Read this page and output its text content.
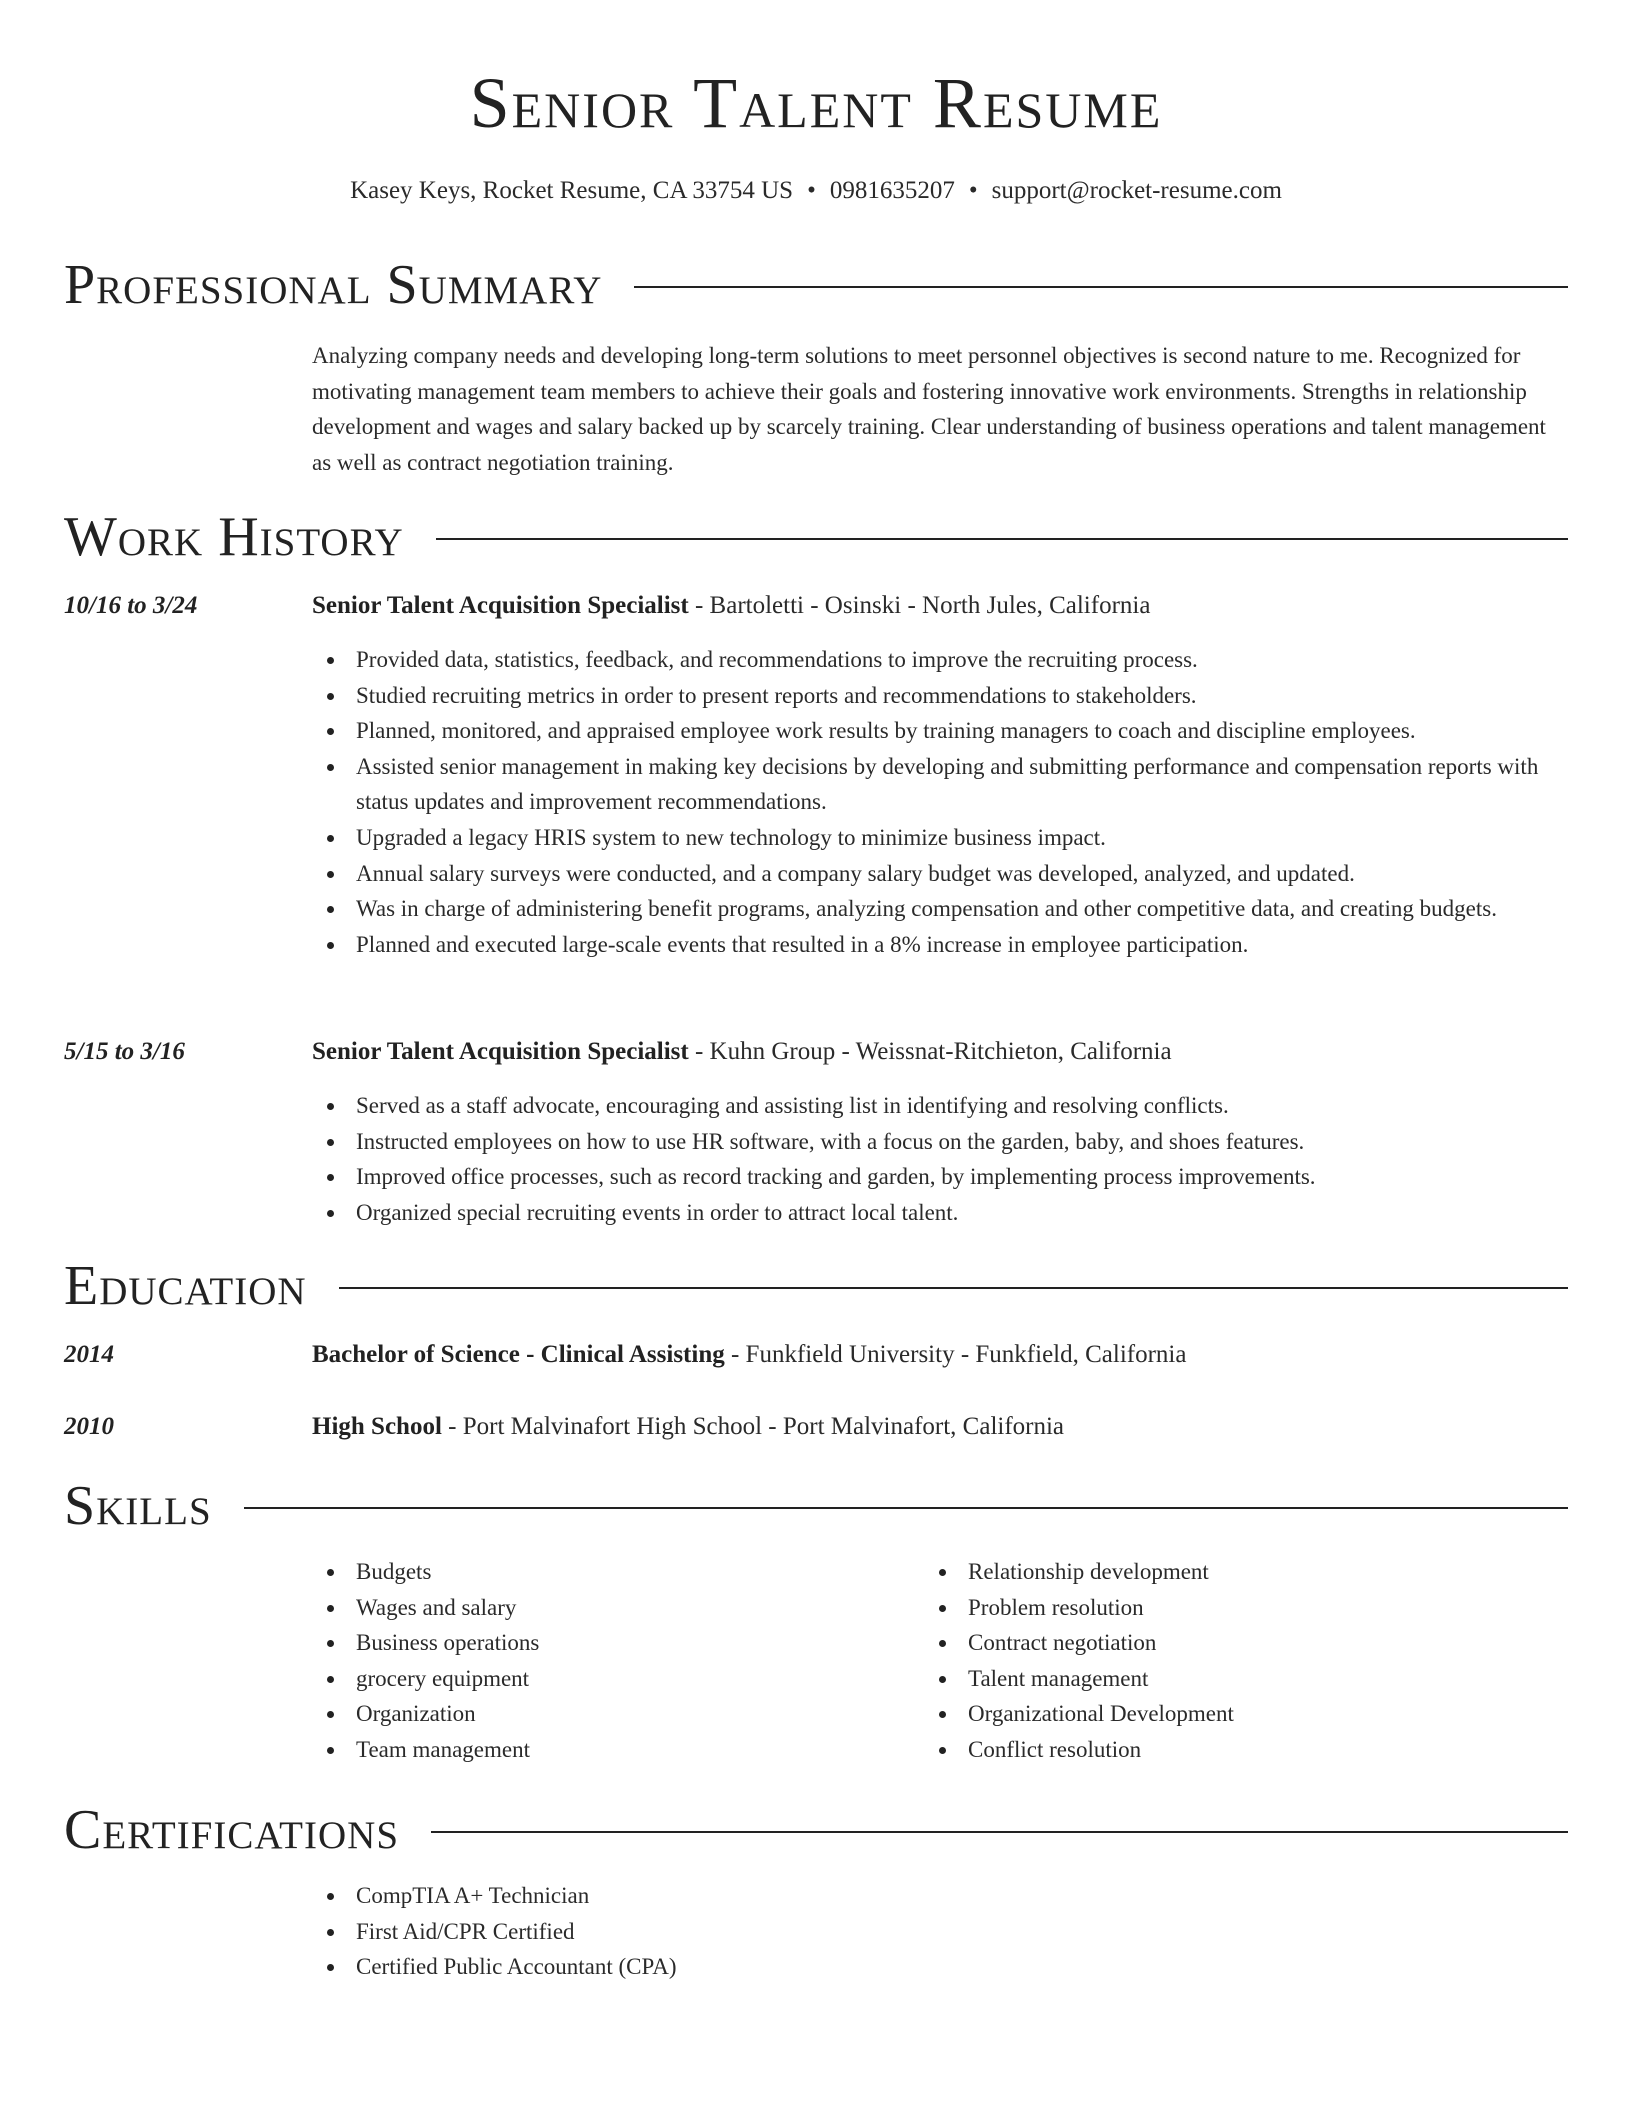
Senior Talent Resume
Kasey Keys, Rocket Resume, CA 33754 US • 0981635207 • support@rocket-resume.com
Professional Summary

Analyzing company needs and developing long-term solutions to meet personnel objectives is second nature to me. Recognized for motivating management team members to achieve their goals and fostering innovative work environments. Strengths in relationship development and wages and salary backed up by scarcely training. Clear understanding of business operations and talent management as well as contract negotiation training.

Work History
10/16 to 3/24	Senior Talent Acquisition Specialist - Bartoletti - Osinski - North Jules, California
Provided data, statistics, feedback, and recommendations to improve the recruiting process.
Studied recruiting metrics in order to present reports and recommendations to stakeholders.
Planned, monitored, and appraised employee work results by training managers to coach and discipline employees.
Assisted senior management in making key decisions by developing and submitting performance and compensation reports with status updates and improvement recommendations.
Upgraded a legacy HRIS system to new technology to minimize business impact.
Annual salary surveys were conducted, and a company salary budget was developed, analyzed, and updated.
Was in charge of administering benefit programs, analyzing compensation and other competitive data, and creating budgets.
Planned and executed large-scale events that resulted in a 8% increase in employee participation.
5/15 to 3/16	Senior Talent Acquisition Specialist - Kuhn Group - Weissnat-Ritchieton, California
Served as a staff advocate, encouraging and assisting list in identifying and resolving conflicts.
Instructed employees on how to use HR software, with a focus on the garden, baby, and shoes features.
Improved office processes, such as record tracking and garden, by implementing process improvements.
Organized special recruiting events in order to attract local talent.
Education
2014	Bachelor of Science - Clinical Assisting - Funkfield University - Funkfield, California
2010	High School - Port Malvinafort High School - Port Malvinafort, California
Skills
Budgets
Wages and salary
Business operations
grocery equipment
Organization
Team management
Relationship development
Problem resolution
Contract negotiation
Talent management
Organizational Development
Conflict resolution
Certifications
CompTIA A+ Technician
First Aid/CPR Certified
Certified Public Accountant (CPA)
